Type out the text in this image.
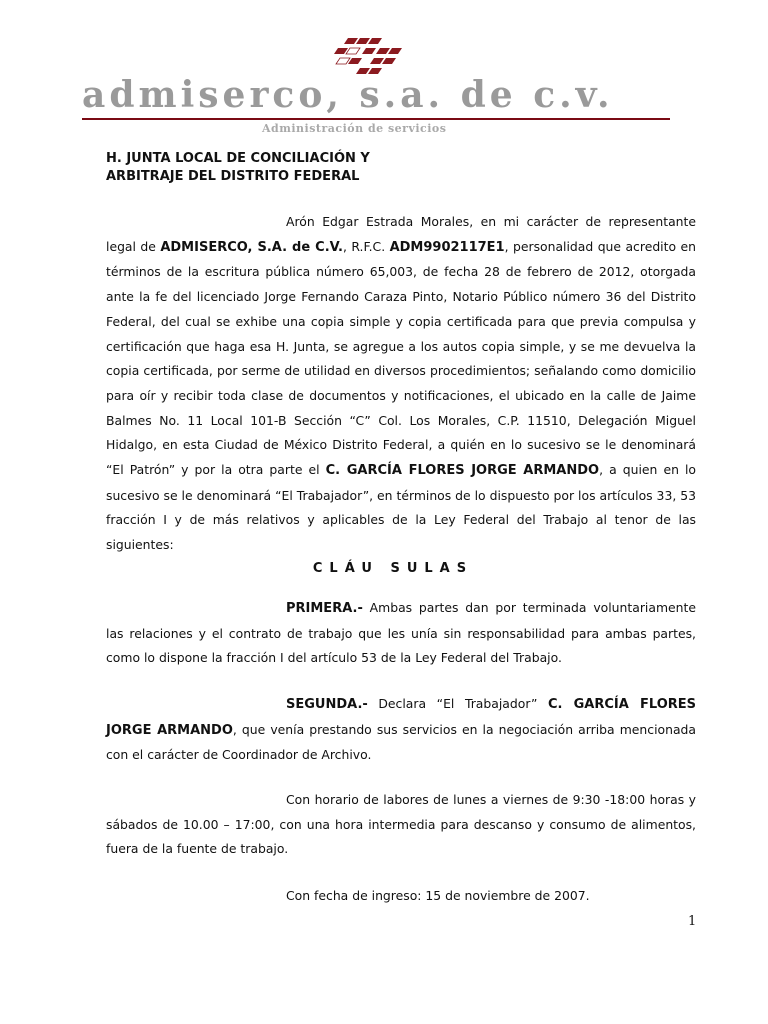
admiserco, s.a. de c.v.
Administración de servicios
H. JUNTA LOCAL DE CONCILIACIÓN Y
ARBITRAJE DEL DISTRITO FEDERAL

Arón Edgar Estrada Morales, en mi carácter de representante legal de ADMISERCO, S.A. de C.V., R.F.C. ADM9902117E1, personalidad que acredito en términos de la escritura pública número 65,003, de fecha 28 de febrero de 2012, otorgada ante la fe del licenciado Jorge Fernando Caraza Pinto, Notario Público número 36 del Distrito Federal, del cual se exhibe una copia simple y copia certificada para que previa compulsa y certificación que haga esa H. Junta, se agregue a los autos copia simple, y se me devuelva la copia certificada, por serme de utilidad en diversos procedimientos; señalando como domicilio para oír y recibir toda clase de documentos y notificaciones, el ubicado en la calle de Jaime Balmes No. 11 Local 101-B Sección “C” Col. Los Morales, C.P. 11510, Delegación Miguel Hidalgo, en esta Ciudad de México Distrito Federal, a quién en lo sucesivo se le denominará “El Patrón” y por la otra parte el C. GARCÍA FLORES JORGE ARMANDO, a quien en lo sucesivo se le denominará “El Trabajador”, en términos de lo dispuesto por los artículos 33, 53 fracción I y de más relativos y aplicables de la Ley Federal del Trabajo al tenor de las siguientes:

CLÁU SULAS

PRIMERA.- Ambas partes dan por terminada voluntariamente las relaciones y el contrato de trabajo que les unía sin responsabilidad para ambas partes, como lo dispone la fracción I del artículo 53 de la Ley Federal del Trabajo.

SEGUNDA.- Declara “El Trabajador” C. GARCÍA FLORES JORGE ARMANDO, que venía prestando sus servicios en la negociación arriba mencionada con el carácter de Coordinador de Archivo.

Con horario de labores de lunes a viernes de 9:30 -18:00 horas y sábados de 10.00 – 17:00, con una hora intermedia para descanso y consumo de alimentos, fuera de la fuente de trabajo.

Con fecha de ingreso: 15 de noviembre de 2007.

1
